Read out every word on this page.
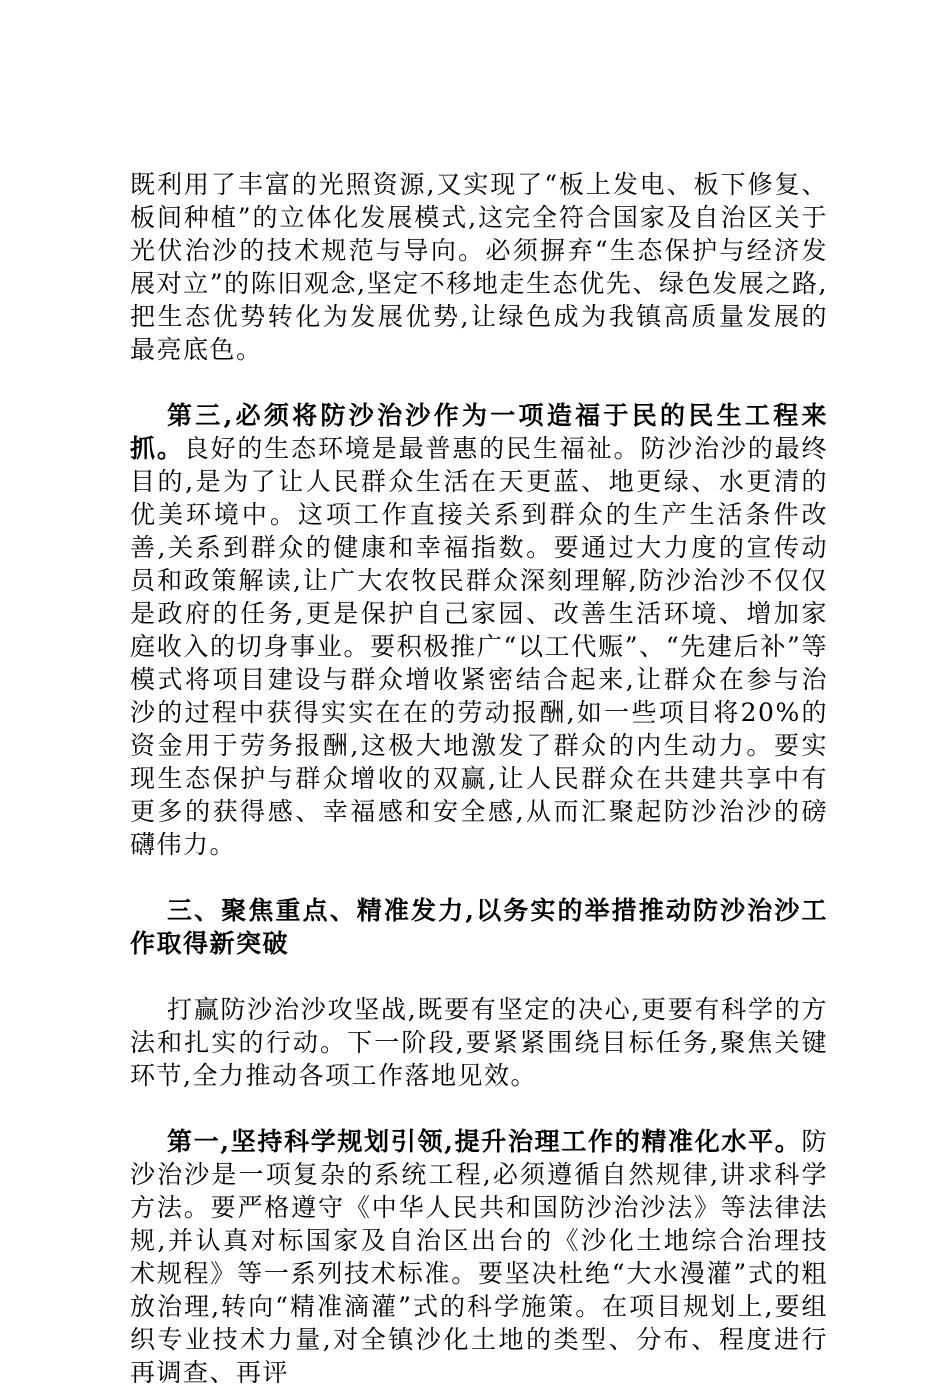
既利用了丰富的光照资源,又实现了“板上发电、板下修复、板间种植”的立体化发展模式,这完全符合国家及自治区关于光伏治沙的技术规范与导向。必须摒弃“生态保护与经济发展对立”的陈旧观念,坚定不移地走生态优先、绿色发展之路,把生态优势转化为发展优势,让绿色成为我镇高质量发展的最亮底色。

第三,必须将防沙治沙作为一项造福于民的民生工程来抓。良好的生态环境是最普惠的民生福祉。防沙治沙的最终目的,是为了让人民群众生活在天更蓝、地更绿、水更清的优美环境中。这项工作直接关系到群众的生产生活条件改善,关系到群众的健康和幸福指数。要通过大力度的宣传动员和政策解读,让广大农牧民群众深刻理解,防沙治沙不仅仅是政府的任务,更是保护自己家园、改善生活环境、增加家庭收入的切身事业。要积极推广“以工代赈”、“先建后补”等模式将项目建设与群众增收紧密结合起来,让群众在参与治沙的过程中获得实实在在的劳动报酬,如一些项目将20%的资金用于劳务报酬,这极大地激发了群众的内生动力。要实现生态保护与群众增收的双赢,让人民群众在共建共享中有更多的获得感、幸福感和安全感,从而汇聚起防沙治沙的磅礴伟力。

三、聚焦重点、精准发力,以务实的举措推动防沙治沙工作取得新突破

打赢防沙治沙攻坚战,既要有坚定的决心,更要有科学的方法和扎实的行动。下一阶段,要紧紧围绕目标任务,聚焦关键环节,全力推动各项工作落地见效。

第一,坚持科学规划引领,提升治理工作的精准化水平。防沙治沙是一项复杂的系统工程,必须遵循自然规律,讲求科学方法。要严格遵守《中华人民共和国防沙治沙法》等法律法规,并认真对标国家及自治区出台的《沙化土地综合治理技术规程》等一系列技术标准。要坚决杜绝“大水漫灌”式的粗放治理,转向“精准滴灌”式的科学施策。在项目规划上,要组织专业技术力量,对全镇沙化土地的类型、分布、程度进行再调查、再评
